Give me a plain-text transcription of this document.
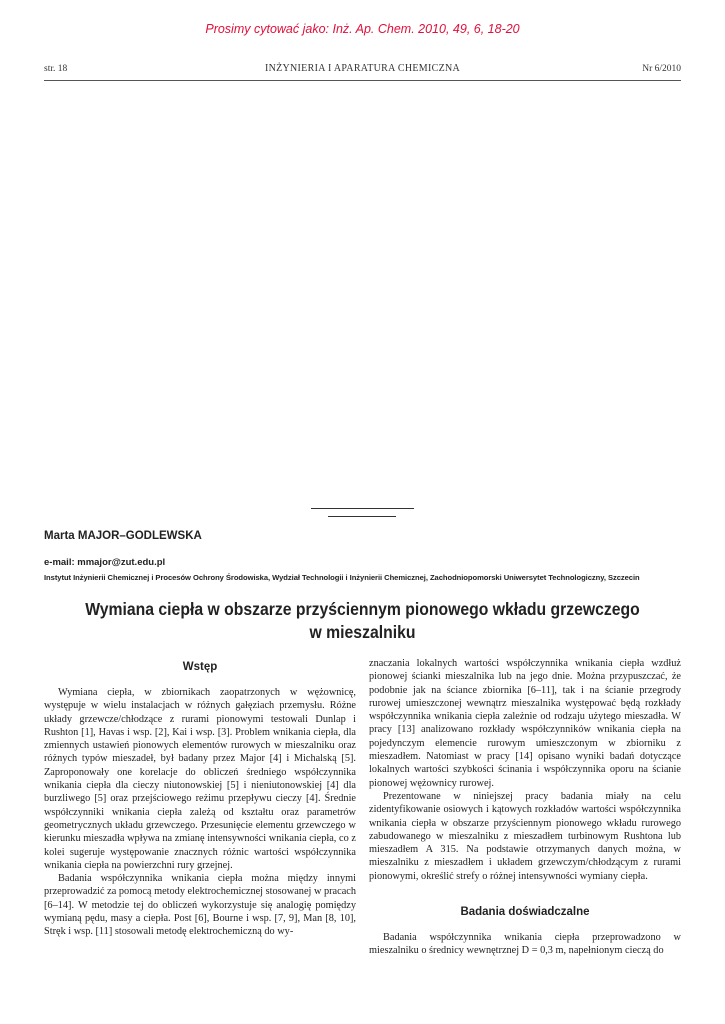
Prosimy cytować jako: Inż. Ap. Chem. 2010, 49, 6, 18-20
str. 18	INŻYNIERIA I APARATURA CHEMICZNA	Nr 6/2010
Marta MAJOR–GODLEWSKA
e-mail: mmajor@zut.edu.pl
Instytut Inżynierii Chemicznej i Procesów Ochrony Środowiska, Wydział Technologii i Inżynierii Chemicznej, Zachodniopomorski Uniwersytet Technologiczny, Szczecin
Wymiana ciepła w obszarze przyściennym pionowego wkładu grzewczego
w mieszalniku
Wstęp

Wymiana ciepła, w zbiornikach zaopatrzonych w wężownicę, występuje w wielu instalacjach w różnych gałęziach przemysłu. Różne układy grzewcze/chłodzące z rurami pionowymi testowali Dunlap i Rushton [1], Havas i wsp. [2], Kai i wsp. [3]. Problem wnikania ciepła, dla zmiennych ustawień pionowych elementów rurowych w mieszalniku oraz różnych typów mieszadeł, był badany przez Major [4] i Michalską [5]. Zaproponowały one korelacje do obliczeń średniego współczynnika wnikania ciepła dla cieczy niutonowskiej [5] i nieniutonowskiej [4] dla burzliwego [5] oraz przejściowego reżimu przepływu cieczy [4]. Średnie współczynniki wnikania ciepła zależą od kształtu oraz parametrów geometrycznych układu grzewczego. Przesunięcie elementu grzewczego w kierunku mieszadła wpływa na zmianę intensywności wnikania ciepła, co z kolei sugeruje występowanie znacznych różnic wartości współczynnika wnikania ciepła na powierzchni rury grzejnej.

Badania współczynnika wnikania ciepła można między innymi przeprowadzić za pomocą metody elektrochemicznej stosowanej w pracach [6–14]. W metodzie tej do obliczeń wykorzystuje się analogię pomiędzy wymianą pędu, masy a ciepła. Post [6], Bourne i wsp. [7, 9], Man [8, 10], Stręk i wsp. [11] stosowali metodę elektrochemiczną do wy-

znaczania lokalnych wartości współczynnika wnikania ciepła wzdłuż pionowej ścianki mieszalnika lub na jego dnie. Można przypuszczać, że podobnie jak na ściance zbiornika [6–11], tak i na ścianie przegrody rurowej umieszczonej wewnątrz mieszalnika występować będą rozkłady współczynnika wnikania ciepła zależnie od rodzaju użytego mieszadła. W pracy [13] analizowano rozkłady współczynników wnikania ciepła na pojedynczym elemencie rurowym umieszczonym w zbiorniku z mieszadłem. Natomiast w pracy [14] opisano wyniki badań dotyczące lokalnych wartości szybkości ścinania i współczynnika oporu na ścianie pionowej wężownicy rurowej.

Prezentowane w niniejszej pracy badania miały na celu zidentyfikowanie osiowych i kątowych rozkładów wartości współczynnika wnikania ciepła w obszarze przyściennym pionowego wkładu rurowego zabudowanego w mieszalniku z mieszadłem turbinowym Rushtona lub mieszadłem A 315. Na podstawie otrzymanych danych można, w mieszalniku z mieszadłem i układem grzewczym/chłodzącym z rurami pionowymi, określić strefy o różnej intensywności wymiany ciepła.

Badania doświadczalne

Badania współczynnika wnikania ciepła przeprowadzono w mieszalniku o średnicy wewnętrznej D = 0,3 m, napełnionym cieczą do
